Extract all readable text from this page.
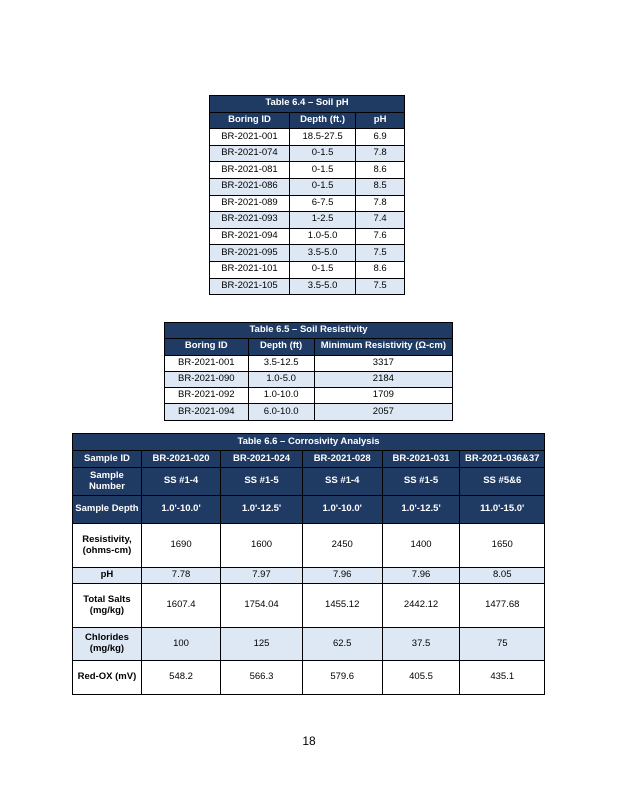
Table 6.4 – Soil pH		
Boring ID	Depth (ft.)	pH
BR-2021-001	18.5-27.5	6.9
BR-2021-074	0-1.5	7.8
BR-2021-081	0-1.5	8.6
BR-2021-086	0-1.5	8.5
BR-2021-089	6-7.5	7.8
BR-2021-093	1-2.5	7.4
BR-2021-094	1.0-5.0	7.6
BR-2021-095	3.5-5.0	7.5
BR-2021-101	0-1.5	8.6
BR-2021-105	3.5-5.0	7.5
Table 6.5 – Soil Resistivity		
Boring ID	Depth (ft)	Minimum Resistivity (Ω-cm)
BR-2021-001	3.5-12.5	3317
BR-2021-090	1.0-5.0	2184
BR-2021-092	1.0-10.0	1709
BR-2021-094	6.0-10.0	2057
Table 6.6 – Corrosivity Analysis					
Sample ID	BR-2021-020	BR-2021-024	BR-2021-028	BR-2021-031	BR-2021-036&37
Sample Number	SS #1-4	SS #1-5	SS #1-4	SS #1-5	SS #5&6
Sample Depth	1.0'-10.0'	1.0'-12.5'	1.0'-10.0'	1.0'-12.5'	11.0'-15.0'
Resistivity, (ohms-cm)	1690	1600	2450	1400	1650
pH	7.78	7.97	7.96	7.96	8.05
Total Salts (mg/kg)	1607.4	1754.04	1455.12	2442.12	1477.68
Chlorides (mg/kg)	100	125	62.5	37.5	75
Red-OX (mV)	548.2	566.3	579.6	405.5	435.1
18
